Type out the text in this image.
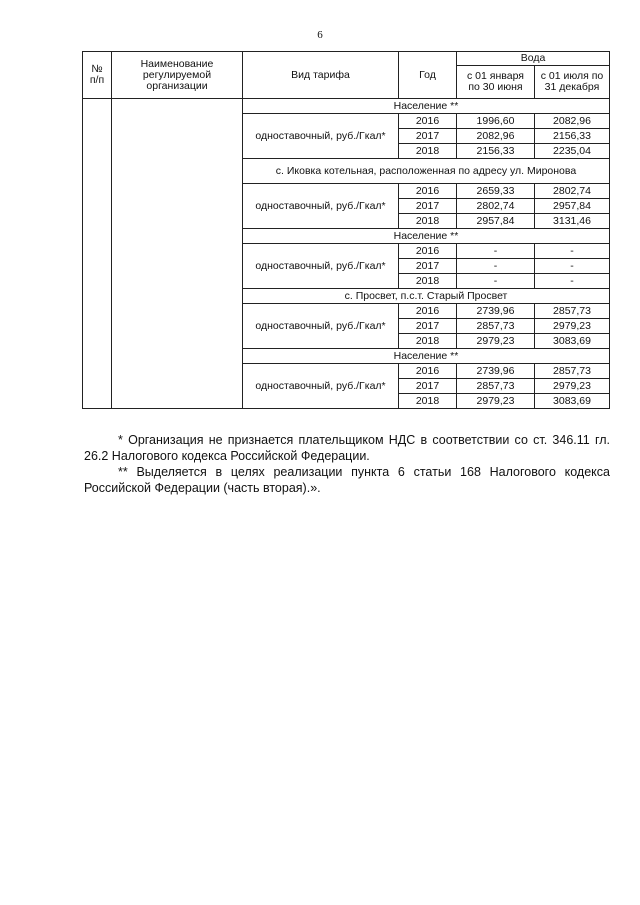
6
№ п/п	Наименование регулируемой организации	Вид тарифа	Год	Вода	
				с 01 января по 30 июня	с 01 июля по 31 декабря
		Население **			
		одноставочный, руб./Гкал*	2016	1996,60	2082,96
			2017	2082,96	2156,33
			2018	2156,33	2235,04
		с. Иковка котельная, расположенная по адресу ул. Миронова			
		одноставочный, руб./Гкал*	2016	2659,33	2802,74
			2017	2802,74	2957,84
			2018	2957,84	3131,46
		Население **			
		одноставочный, руб./Гкал*	2016	-	-
			2017	-	-
			2018	-	-
		с. Просвет, п.с.т. Старый Просвет			
		одноставочный, руб./Гкал*	2016	2739,96	2857,73
			2017	2857,73	2979,23
			2018	2979,23	3083,69
		Население **			
		одноставочный, руб./Гкал*	2016	2739,96	2857,73
			2017	2857,73	2979,23
			2018	2979,23	3083,69

* Организация не признается плательщиком НДС в соответствии со ст. 346.11 гл. 26.2 Налогового кодекса Российской Федерации.

** Выделяется в целях реализации пункта 6 статьи 168 Налогового кодекса Российской Федерации (часть вторая).».
